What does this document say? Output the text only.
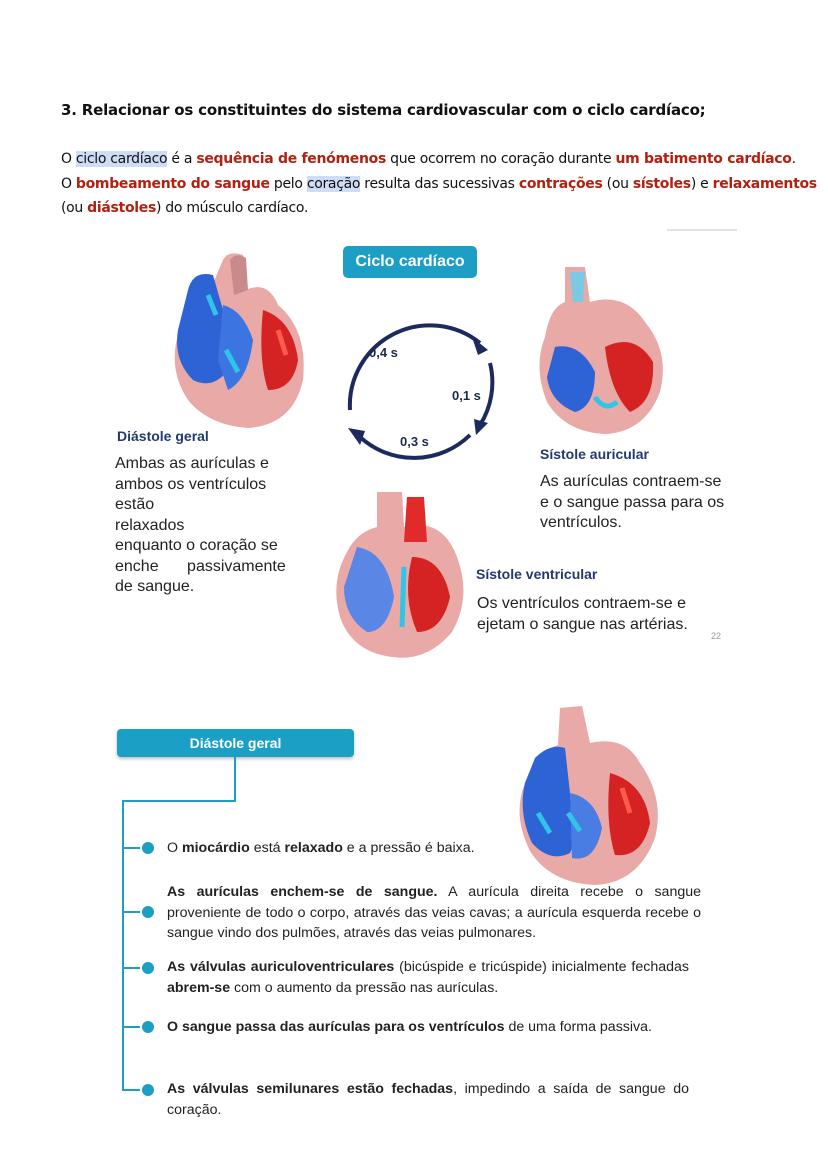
3. Relacionar os constituintes do sistema cardiovascular com o ciclo cardíaco;
O ciclo cardíaco é a sequência de fenómenos que ocorrem no coração durante um batimento cardíaco.
O bombeamento do sangue pelo coração resulta das sucessivas contrações (ou sístoles) e relaxamentos
(ou diástoles) do músculo cardíaco.
Ciclo cardíaco
0,4 s
0,1 s
0,3 s
Diástole geral
Ambas as aurículas e
ambos os ventrículos
estão relaxados
enquanto o coração se
enche passivamente
de sangue.
Sístole auricular
As aurículas contraem-se
e o sangue passa para os
ventrículos.
Sístole ventricular
Os ventrículos contraem-se e
ejetam o sangue nas artérias.
22
Diástole geral
O miocárdio está relaxado e a pressão é baixa.
As aurículas enchem-se de sangue. A aurícula direita recebe o sangue proveniente de todo o corpo, através das veias cavas; a aurícula esquerda recebe o sangue vindo dos pulmões, através das veias pulmonares.
As válvulas auriculoventriculares (bicúspide e tricúspide) inicialmente fechadas abrem-se com o aumento da pressão nas aurículas.
O sangue passa das aurículas para os ventrículos de uma forma passiva.
As válvulas semilunares estão fechadas, impedindo a saída de sangue do coração.
